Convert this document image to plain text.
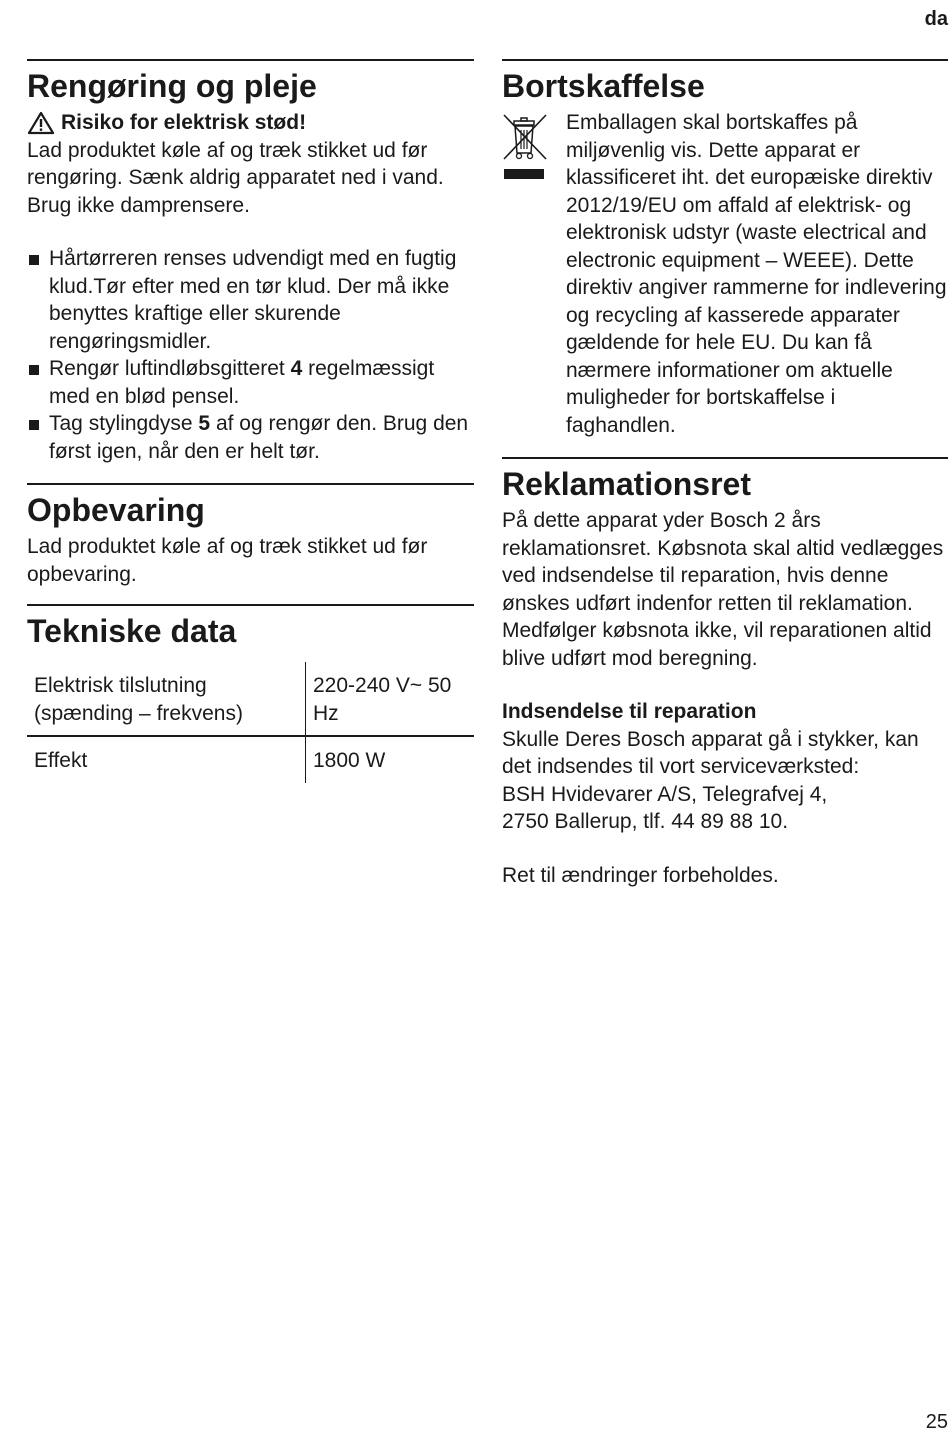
da
Rengøring og pleje

Risiko for elektrisk stød!

Lad produktet køle af og træk stikket ud før rengøring. Sænk aldrig apparatet ned i vand. Brug ikke damprensere.

Hårtørreren renses udvendigt med en fugtig klud.Tør efter med en tør klud. Der må ikke benyttes kraftige eller skurende rengøringsmidler.
Rengør luftindløbsgitteret 4 regelmæssigt med en blød pensel.
Tag stylingdyse 5 af og rengør den. Brug den først igen, når den er helt tør.
Opbevaring

Lad produktet køle af og træk stikket ud før opbevaring.

Tekniske data
Elektrisk tilslutning (spænding – frekvens)	220-240 V~ 50 Hz
Effekt	1800 W
Bortskaffelse

Emballagen skal bortskaffes på miljøvenlig vis. Dette apparat er klassificeret iht. det europæiske direktiv 2012/19/EU om affald af elektrisk- og elektronisk udstyr (waste electrical and electronic equipment – WEEE). Dette direktiv angiver rammerne for indlevering og recycling af kasserede apparater gældende for hele EU. Du kan få nærmere informationer om aktuelle muligheder for bortskaffelse i faghandlen.

Reklamationsret

På dette apparat yder Bosch 2 års reklamationsret. Købsnota skal altid vedlægges ved indsendelse til reparation, hvis denne ønskes udført indenfor retten til reklamation. Medfølger købsnota ikke, vil reparationen altid blive udført mod beregning.

Indsendelse til reparation

Skulle Deres Bosch apparat gå i stykker, kan det indsendes til vort serviceværksted:

BSH Hvidevarer A/S, Telegrafvej 4,

2750 Ballerup, tlf. 44 89 88 10.

Ret til ændringer forbeholdes.

25
